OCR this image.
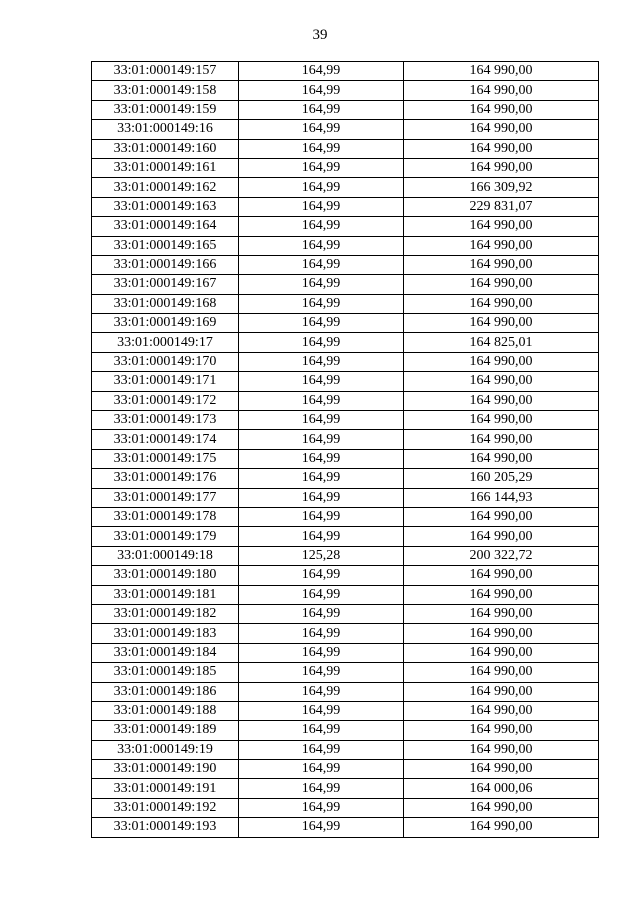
39
33:01:000149:157	164,99	164 990,00
33:01:000149:158	164,99	164 990,00
33:01:000149:159	164,99	164 990,00
33:01:000149:16	164,99	164 990,00
33:01:000149:160	164,99	164 990,00
33:01:000149:161	164,99	164 990,00
33:01:000149:162	164,99	166 309,92
33:01:000149:163	164,99	229 831,07
33:01:000149:164	164,99	164 990,00
33:01:000149:165	164,99	164 990,00
33:01:000149:166	164,99	164 990,00
33:01:000149:167	164,99	164 990,00
33:01:000149:168	164,99	164 990,00
33:01:000149:169	164,99	164 990,00
33:01:000149:17	164,99	164 825,01
33:01:000149:170	164,99	164 990,00
33:01:000149:171	164,99	164 990,00
33:01:000149:172	164,99	164 990,00
33:01:000149:173	164,99	164 990,00
33:01:000149:174	164,99	164 990,00
33:01:000149:175	164,99	164 990,00
33:01:000149:176	164,99	160 205,29
33:01:000149:177	164,99	166 144,93
33:01:000149:178	164,99	164 990,00
33:01:000149:179	164,99	164 990,00
33:01:000149:18	125,28	200 322,72
33:01:000149:180	164,99	164 990,00
33:01:000149:181	164,99	164 990,00
33:01:000149:182	164,99	164 990,00
33:01:000149:183	164,99	164 990,00
33:01:000149:184	164,99	164 990,00
33:01:000149:185	164,99	164 990,00
33:01:000149:186	164,99	164 990,00
33:01:000149:188	164,99	164 990,00
33:01:000149:189	164,99	164 990,00
33:01:000149:19	164,99	164 990,00
33:01:000149:190	164,99	164 990,00
33:01:000149:191	164,99	164 000,06
33:01:000149:192	164,99	164 990,00
33:01:000149:193	164,99	164 990,00
